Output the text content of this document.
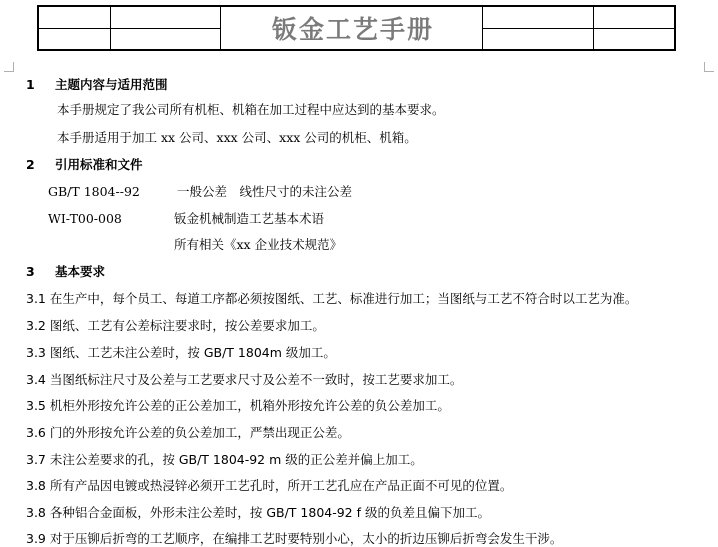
钣金工艺手册
1 主题内容与适用范围
本手册规定了我公司所有机柜、机箱在加工过程中应达到的基本要求。
本手册适用于加工 xx 公司、xxx 公司、xxx 公司的机柜、机箱。
2 引用标准和文件
GB/T 1804--92	一般公差　线性尺寸的未注公差
WI-T00-008	钣金机械制造工艺基本术语
所有相关《xx 企业技术规范》
3 基本要求
3.1 在生产中，每个员工、每道工序都必须按图纸、工艺、标准进行加工；当图纸与工艺不符合时以工艺为准。
3.2 图纸、工艺有公差标注要求时，按公差要求加工。
3.3 图纸、工艺未注公差时，按 GB/T 1804m 级加工。
3.4 当图纸标注尺寸及公差与工艺要求尺寸及公差不一致时，按工艺要求加工。
3.5 机柜外形按允许公差的正公差加工，机箱外形按允许公差的负公差加工。
3.6 门的外形按允许公差的负公差加工，严禁出现正公差。
3.7 未注公差要求的孔，按 GB/T 1804-92 m 级的正公差并偏上加工。
3.8 所有产品因电镀或热浸锌必须开工艺孔时，所开工艺孔应在产品正面不可见的位置。
3.8 各种铝合金面板，外形未注公差时，按 GB/T 1804-92 f 级的负差且偏下加工。
3.9 对于压铆后折弯的工艺顺序，在编排工艺时要特别小心，太小的折边压铆后折弯会发生干涉。
